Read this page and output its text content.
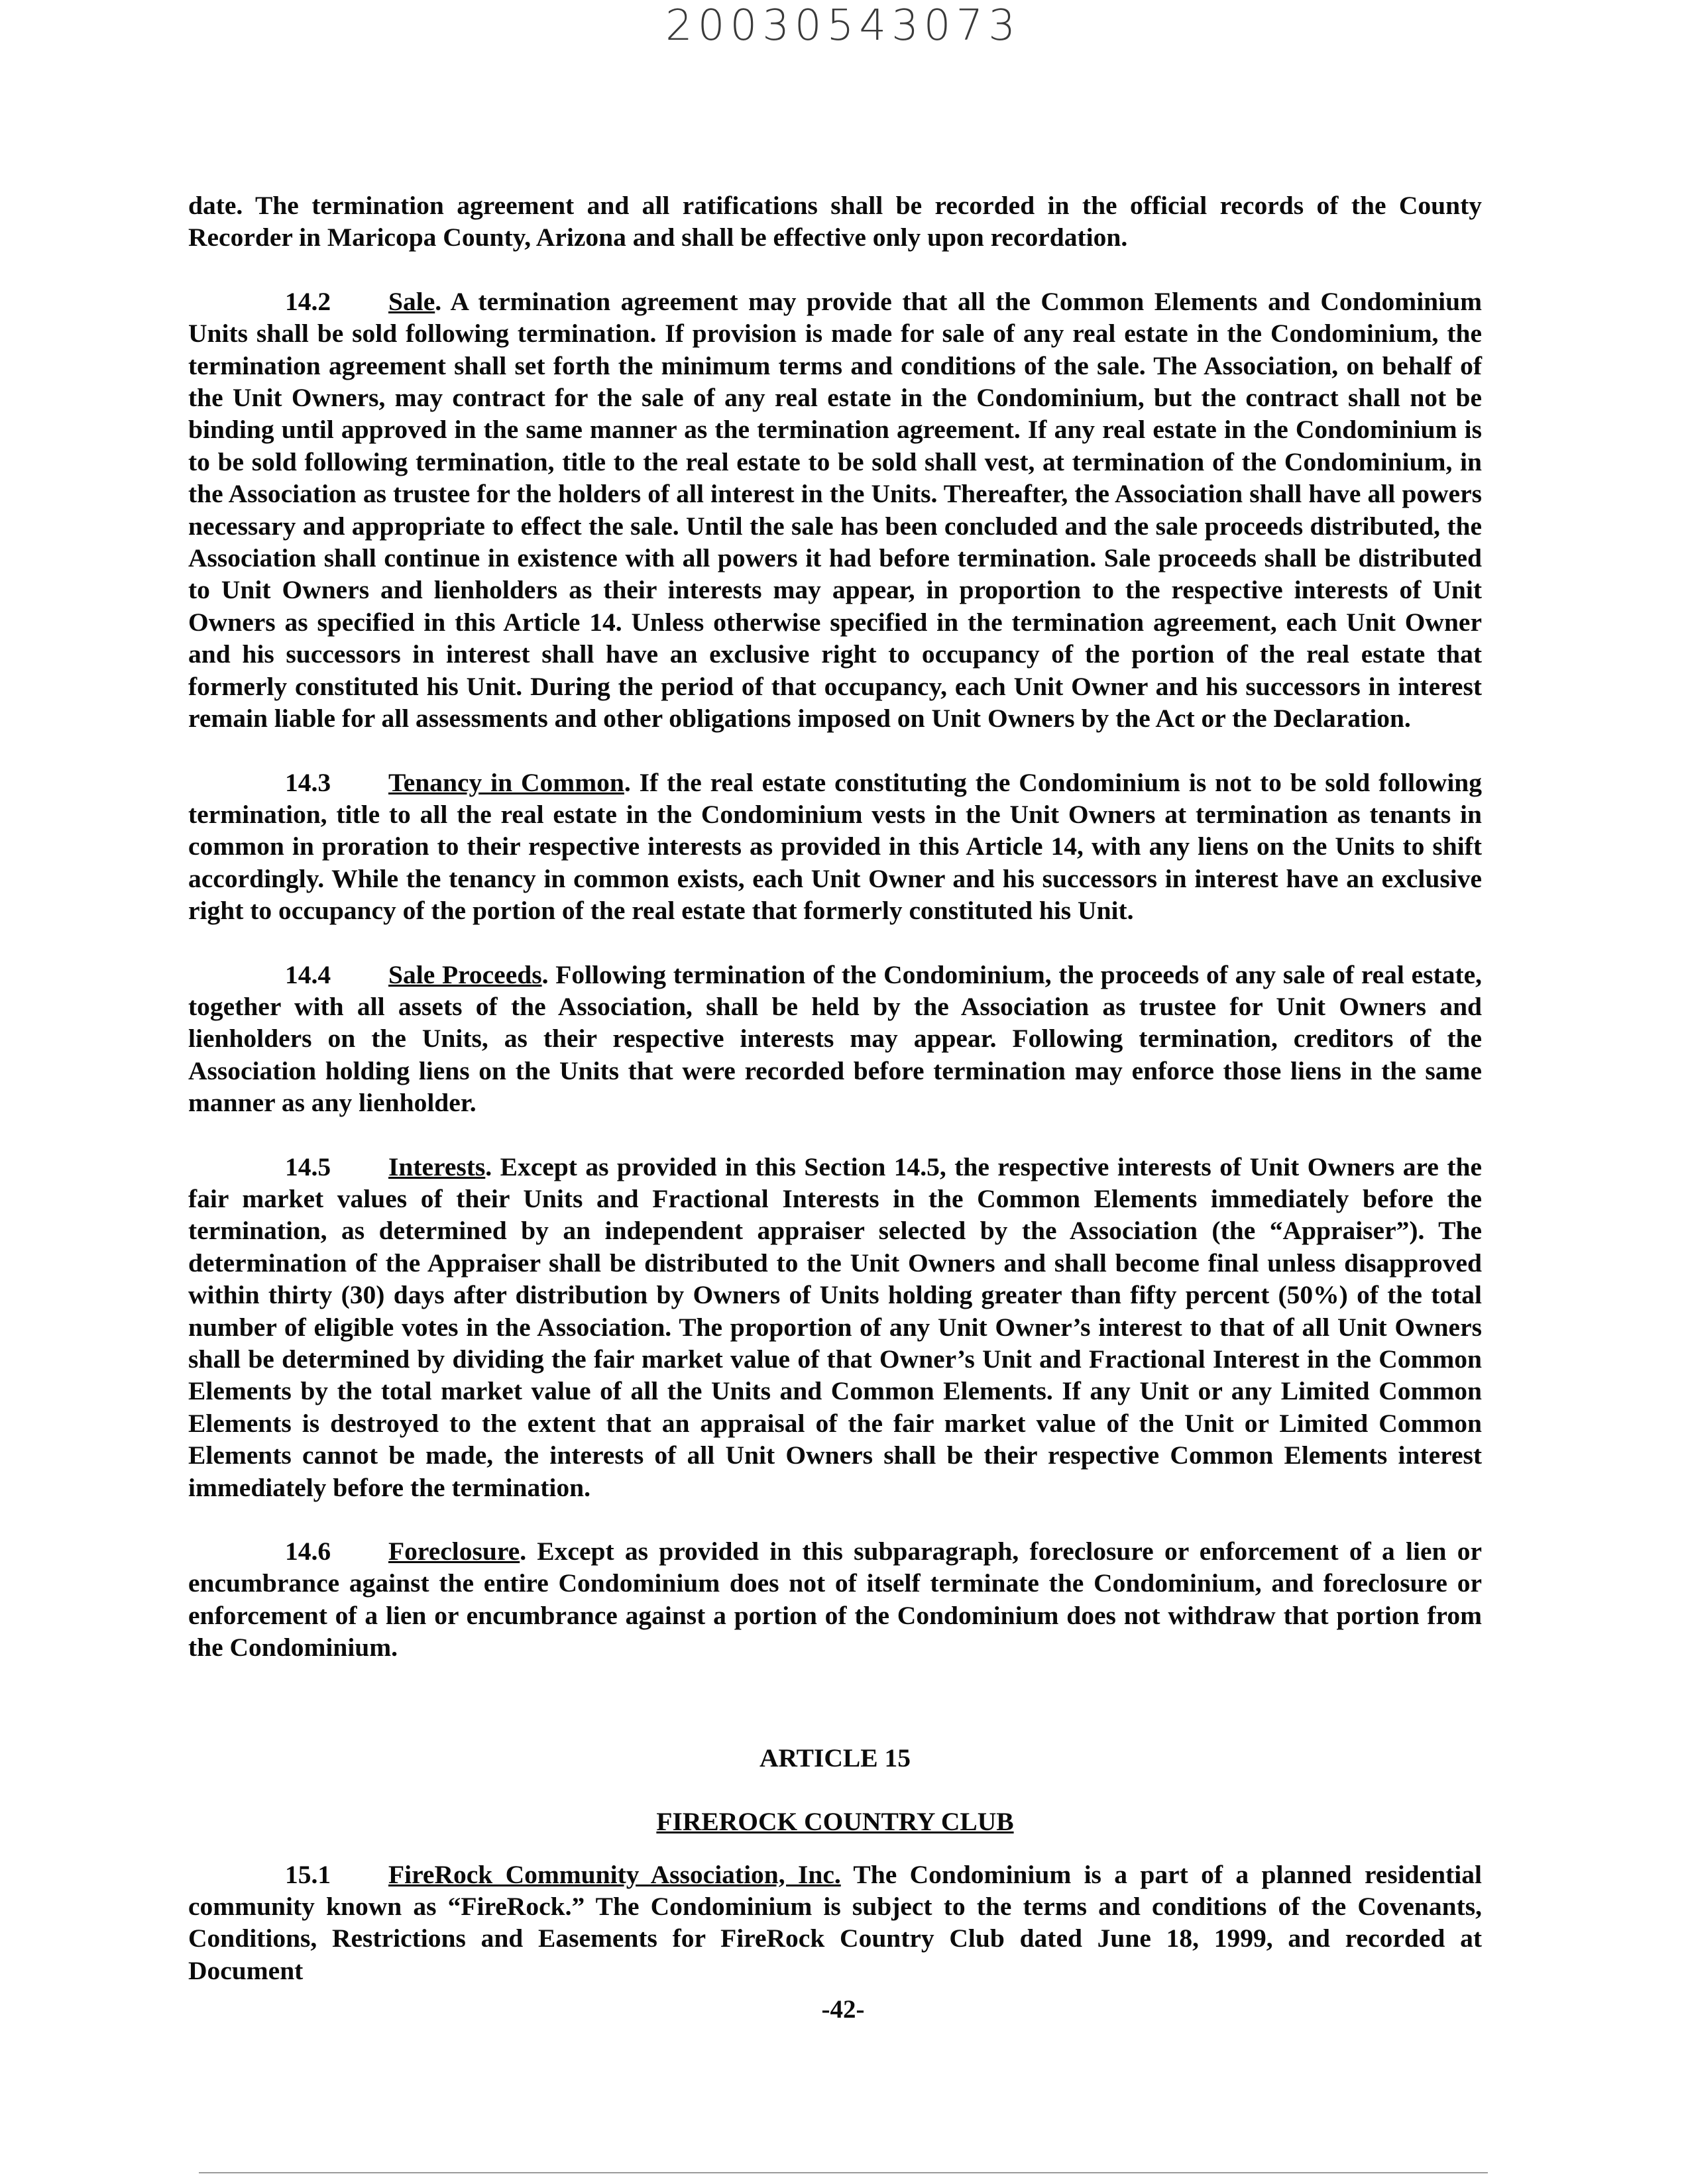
20030543073

date. The termination agreement and all ratifications shall be recorded in the official records of the County Recorder in Maricopa County, Arizona and shall be effective only upon recordation.

14.2 Sale. A termination agreement may provide that all the Common Elements and Condominium Units shall be sold following termination. If provision is made for sale of any real estate in the Condominium, the termination agreement shall set forth the minimum terms and conditions of the sale. The Association, on behalf of the Unit Owners, may contract for the sale of any real estate in the Condominium, but the contract shall not be binding until approved in the same manner as the termination agreement. If any real estate in the Condominium is to be sold following termination, title to the real estate to be sold shall vest, at termination of the Condominium, in the Association as trustee for the holders of all interest in the Units. Thereafter, the Association shall have all powers necessary and appropriate to effect the sale. Until the sale has been concluded and the sale proceeds distributed, the Association shall continue in existence with all powers it had before termination. Sale proceeds shall be distributed to Unit Owners and lienholders as their interests may appear, in proportion to the respective interests of Unit Owners as specified in this Article 14. Unless otherwise specified in the termination agreement, each Unit Owner and his successors in interest shall have an exclusive right to occupancy of the portion of the real estate that formerly constituted his Unit. During the period of that occupancy, each Unit Owner and his successors in interest remain liable for all assessments and other obligations imposed on Unit Owners by the Act or the Declaration.

14.3 Tenancy in Common. If the real estate constituting the Condominium is not to be sold following termination, title to all the real estate in the Condominium vests in the Unit Owners at termination as tenants in common in proration to their respective interests as provided in this Article 14, with any liens on the Units to shift accordingly. While the tenancy in common exists, each Unit Owner and his successors in interest have an exclusive right to occupancy of the portion of the real estate that formerly constituted his Unit.

14.4 Sale Proceeds. Following termination of the Condominium, the proceeds of any sale of real estate, together with all assets of the Association, shall be held by the Association as trustee for Unit Owners and lienholders on the Units, as their respective interests may appear. Following termination, creditors of the Association holding liens on the Units that were recorded before termination may enforce those liens in the same manner as any lienholder.

14.5 Interests. Except as provided in this Section 14.5, the respective interests of Unit Owners are the fair market values of their Units and Fractional Interests in the Common Elements immediately before the termination, as determined by an independent appraiser selected by the Association (the “Appraiser”). The determination of the Appraiser shall be distributed to the Unit Owners and shall become final unless disapproved within thirty (30) days after distribution by Owners of Units holding greater than fifty percent (50%) of the total number of eligible votes in the Association. The proportion of any Unit Owner’s interest to that of all Unit Owners shall be determined by dividing the fair market value of that Owner’s Unit and Fractional Interest in the Common Elements by the total market value of all the Units and Common Elements. If any Unit or any Limited Common Elements is destroyed to the extent that an appraisal of the fair market value of the Unit or Limited Common Elements cannot be made, the interests of all Unit Owners shall be their respective Common Elements interest immediately before the termination.

14.6 Foreclosure. Except as provided in this subparagraph, foreclosure or enforcement of a lien or encumbrance against the entire Condominium does not of itself terminate the Condominium, and foreclosure or enforcement of a lien or encumbrance against a portion of the Condominium does not withdraw that portion from the Condominium.

ARTICLE 15

FIREROCK COUNTRY CLUB

15.1 FireRock Community Association, Inc. The Condominium is a part of a planned residential community known as “FireRock.” The Condominium is subject to the terms and conditions of the Covenants, Conditions, Restrictions and Easements for FireRock Country Club dated June 18, 1999, and recorded at Document

-42-
